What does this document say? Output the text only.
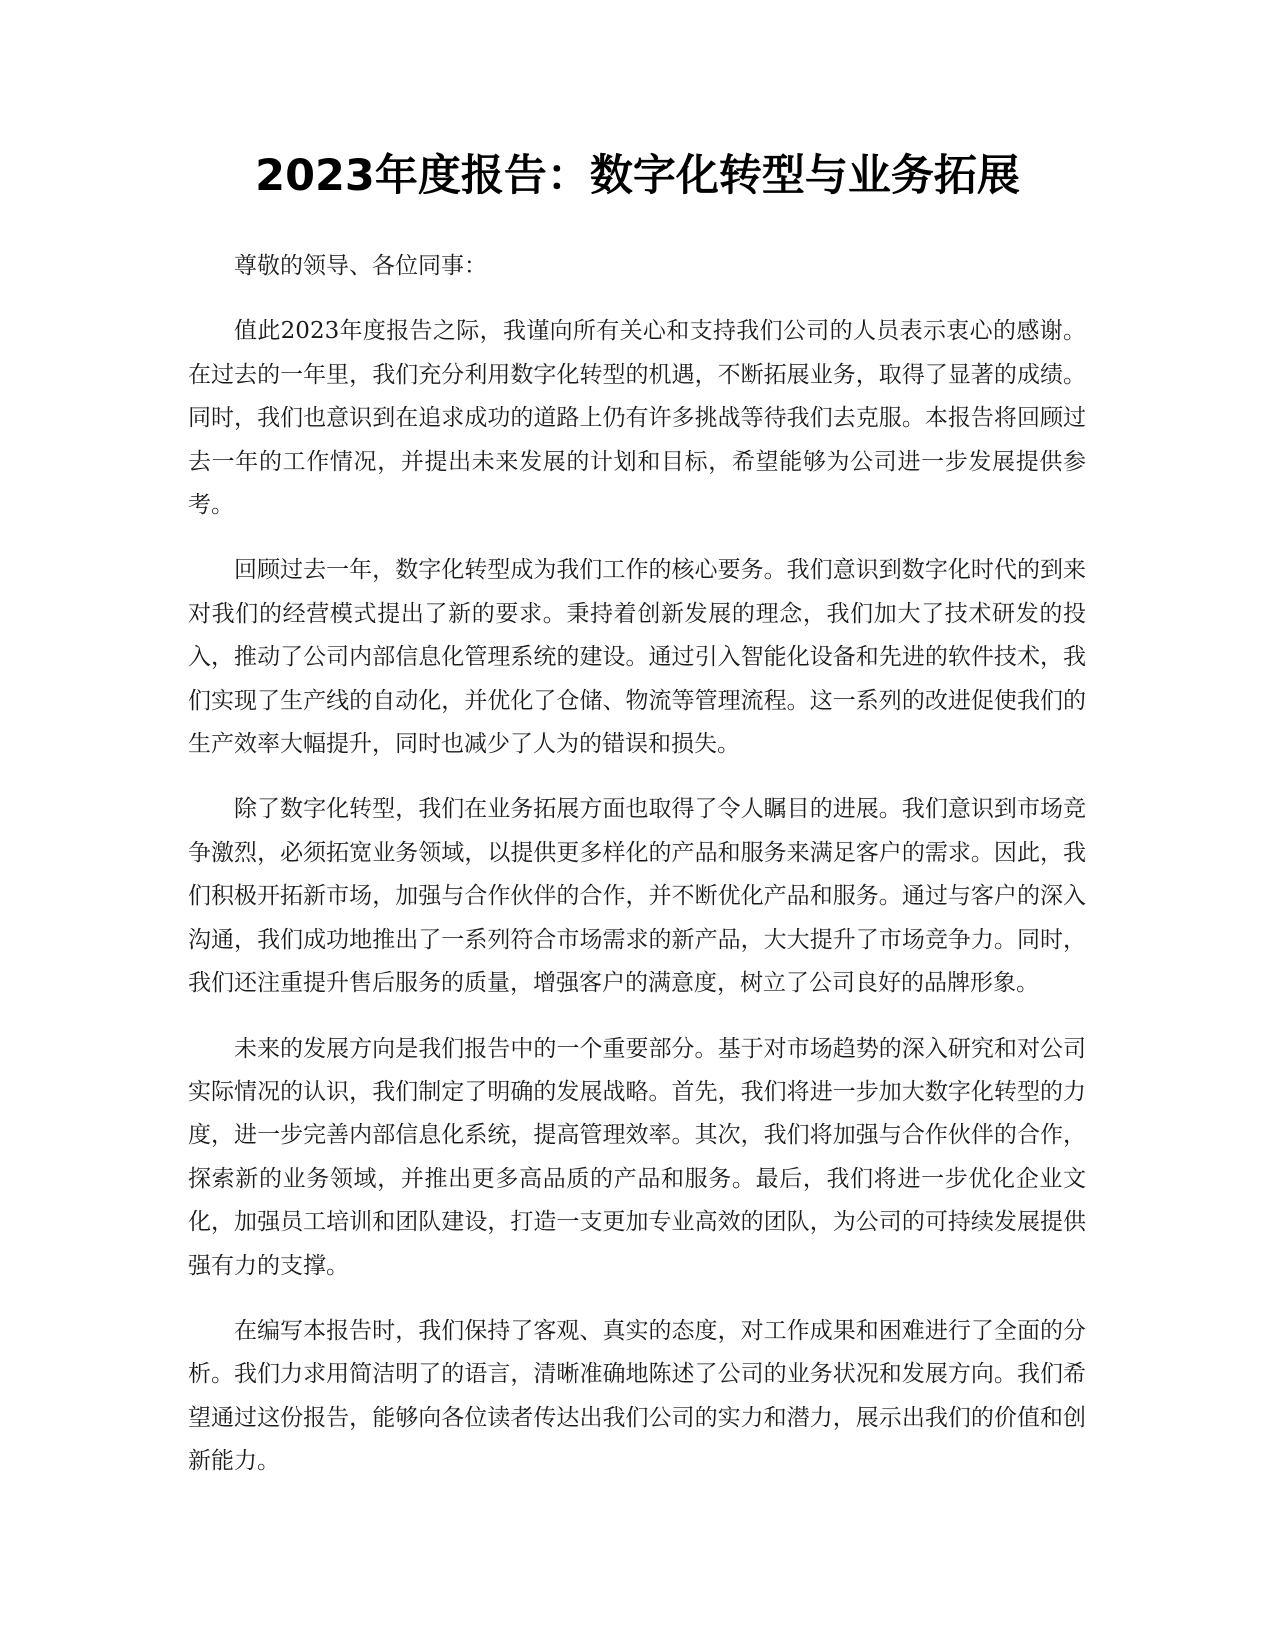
2023年度报告：数字化转型与业务拓展

尊敬的领导、各位同事：

值此2023年度报告之际，我谨向所有关心和支持我们公司的人员表示衷心的感谢。在过去的一年里，我们充分利用数字化转型的机遇，不断拓展业务，取得了显著的成绩。同时，我们也意识到在追求成功的道路上仍有许多挑战等待我们去克服。本报告将回顾过去一年的工作情况，并提出未来发展的计划和目标，希望能够为公司进一步发展提供参考。

回顾过去一年，数字化转型成为我们工作的核心要务。我们意识到数字化时代的到来对我们的经营模式提出了新的要求。秉持着创新发展的理念，我们加大了技术研发的投入，推动了公司内部信息化管理系统的建设。通过引入智能化设备和先进的软件技术，我们实现了生产线的自动化，并优化了仓储、物流等管理流程。这一系列的改进促使我们的生产效率大幅提升，同时也减少了人为的错误和损失。

除了数字化转型，我们在业务拓展方面也取得了令人瞩目的进展。我们意识到市场竞争激烈，必须拓宽业务领域，以提供更多样化的产品和服务来满足客户的需求。因此，我们积极开拓新市场，加强与合作伙伴的合作，并不断优化产品和服务。通过与客户的深入沟通，我们成功地推出了一系列符合市场需求的新产品，大大提升了市场竞争力。同时，我们还注重提升售后服务的质量，增强客户的满意度，树立了公司良好的品牌形象。

未来的发展方向是我们报告中的一个重要部分。基于对市场趋势的深入研究和对公司实际情况的认识，我们制定了明确的发展战略。首先，我们将进一步加大数字化转型的力度，进一步完善内部信息化系统，提高管理效率。其次，我们将加强与合作伙伴的合作，探索新的业务领域，并推出更多高品质的产品和服务。最后，我们将进一步优化企业文化，加强员工培训和团队建设，打造一支更加专业高效的团队，为公司的可持续发展提供强有力的支撑。

在编写本报告时，我们保持了客观、真实的态度，对工作成果和困难进行了全面的分析。我们力求用简洁明了的语言，清晰准确地陈述了公司的业务状况和发展方向。我们希望通过这份报告，能够向各位读者传达出我们公司的实力和潜力，展示出我们的价值和创新能力。
